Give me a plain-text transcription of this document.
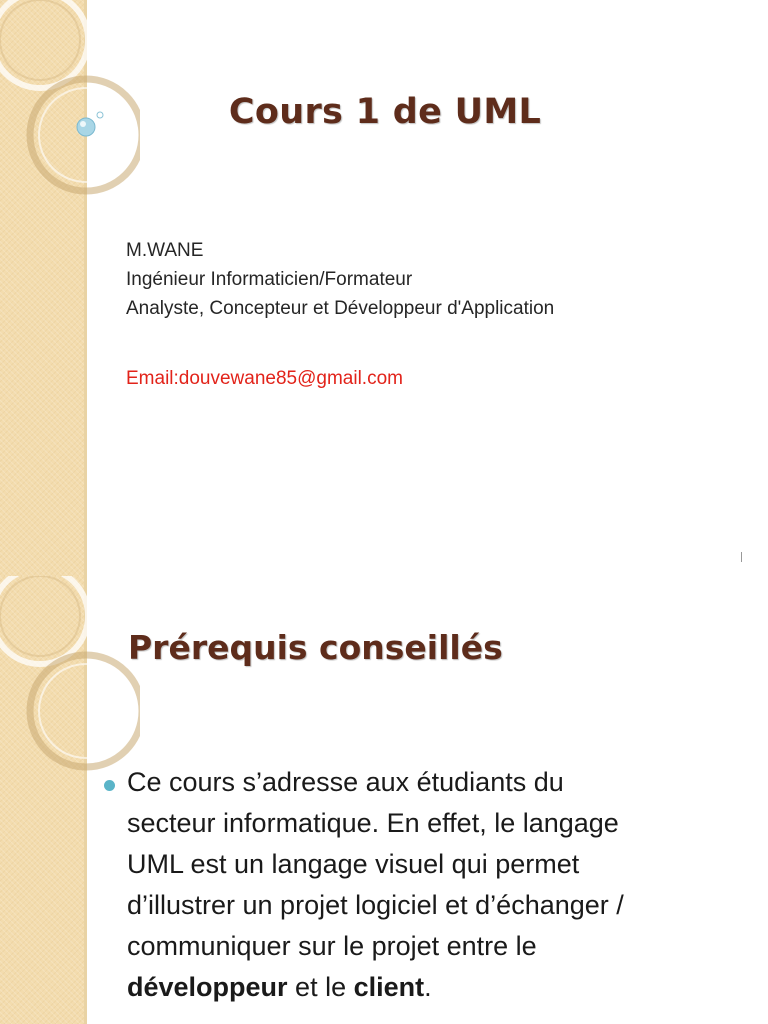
Cours 1 de UML
M.WANE
Ingénieur Informaticien/Formateur
Analyste, Concepteur et Développeur d'Application
Email:douvewane85@gmail.com
Prérequis conseillés
Ce cours s’adresse aux étudiants du
secteur informatique. En effet, le langage
UML est un langage visuel qui permet
d’illustrer un projet logiciel et d’échanger /
communiquer sur le projet entre le
développeur et le client.
